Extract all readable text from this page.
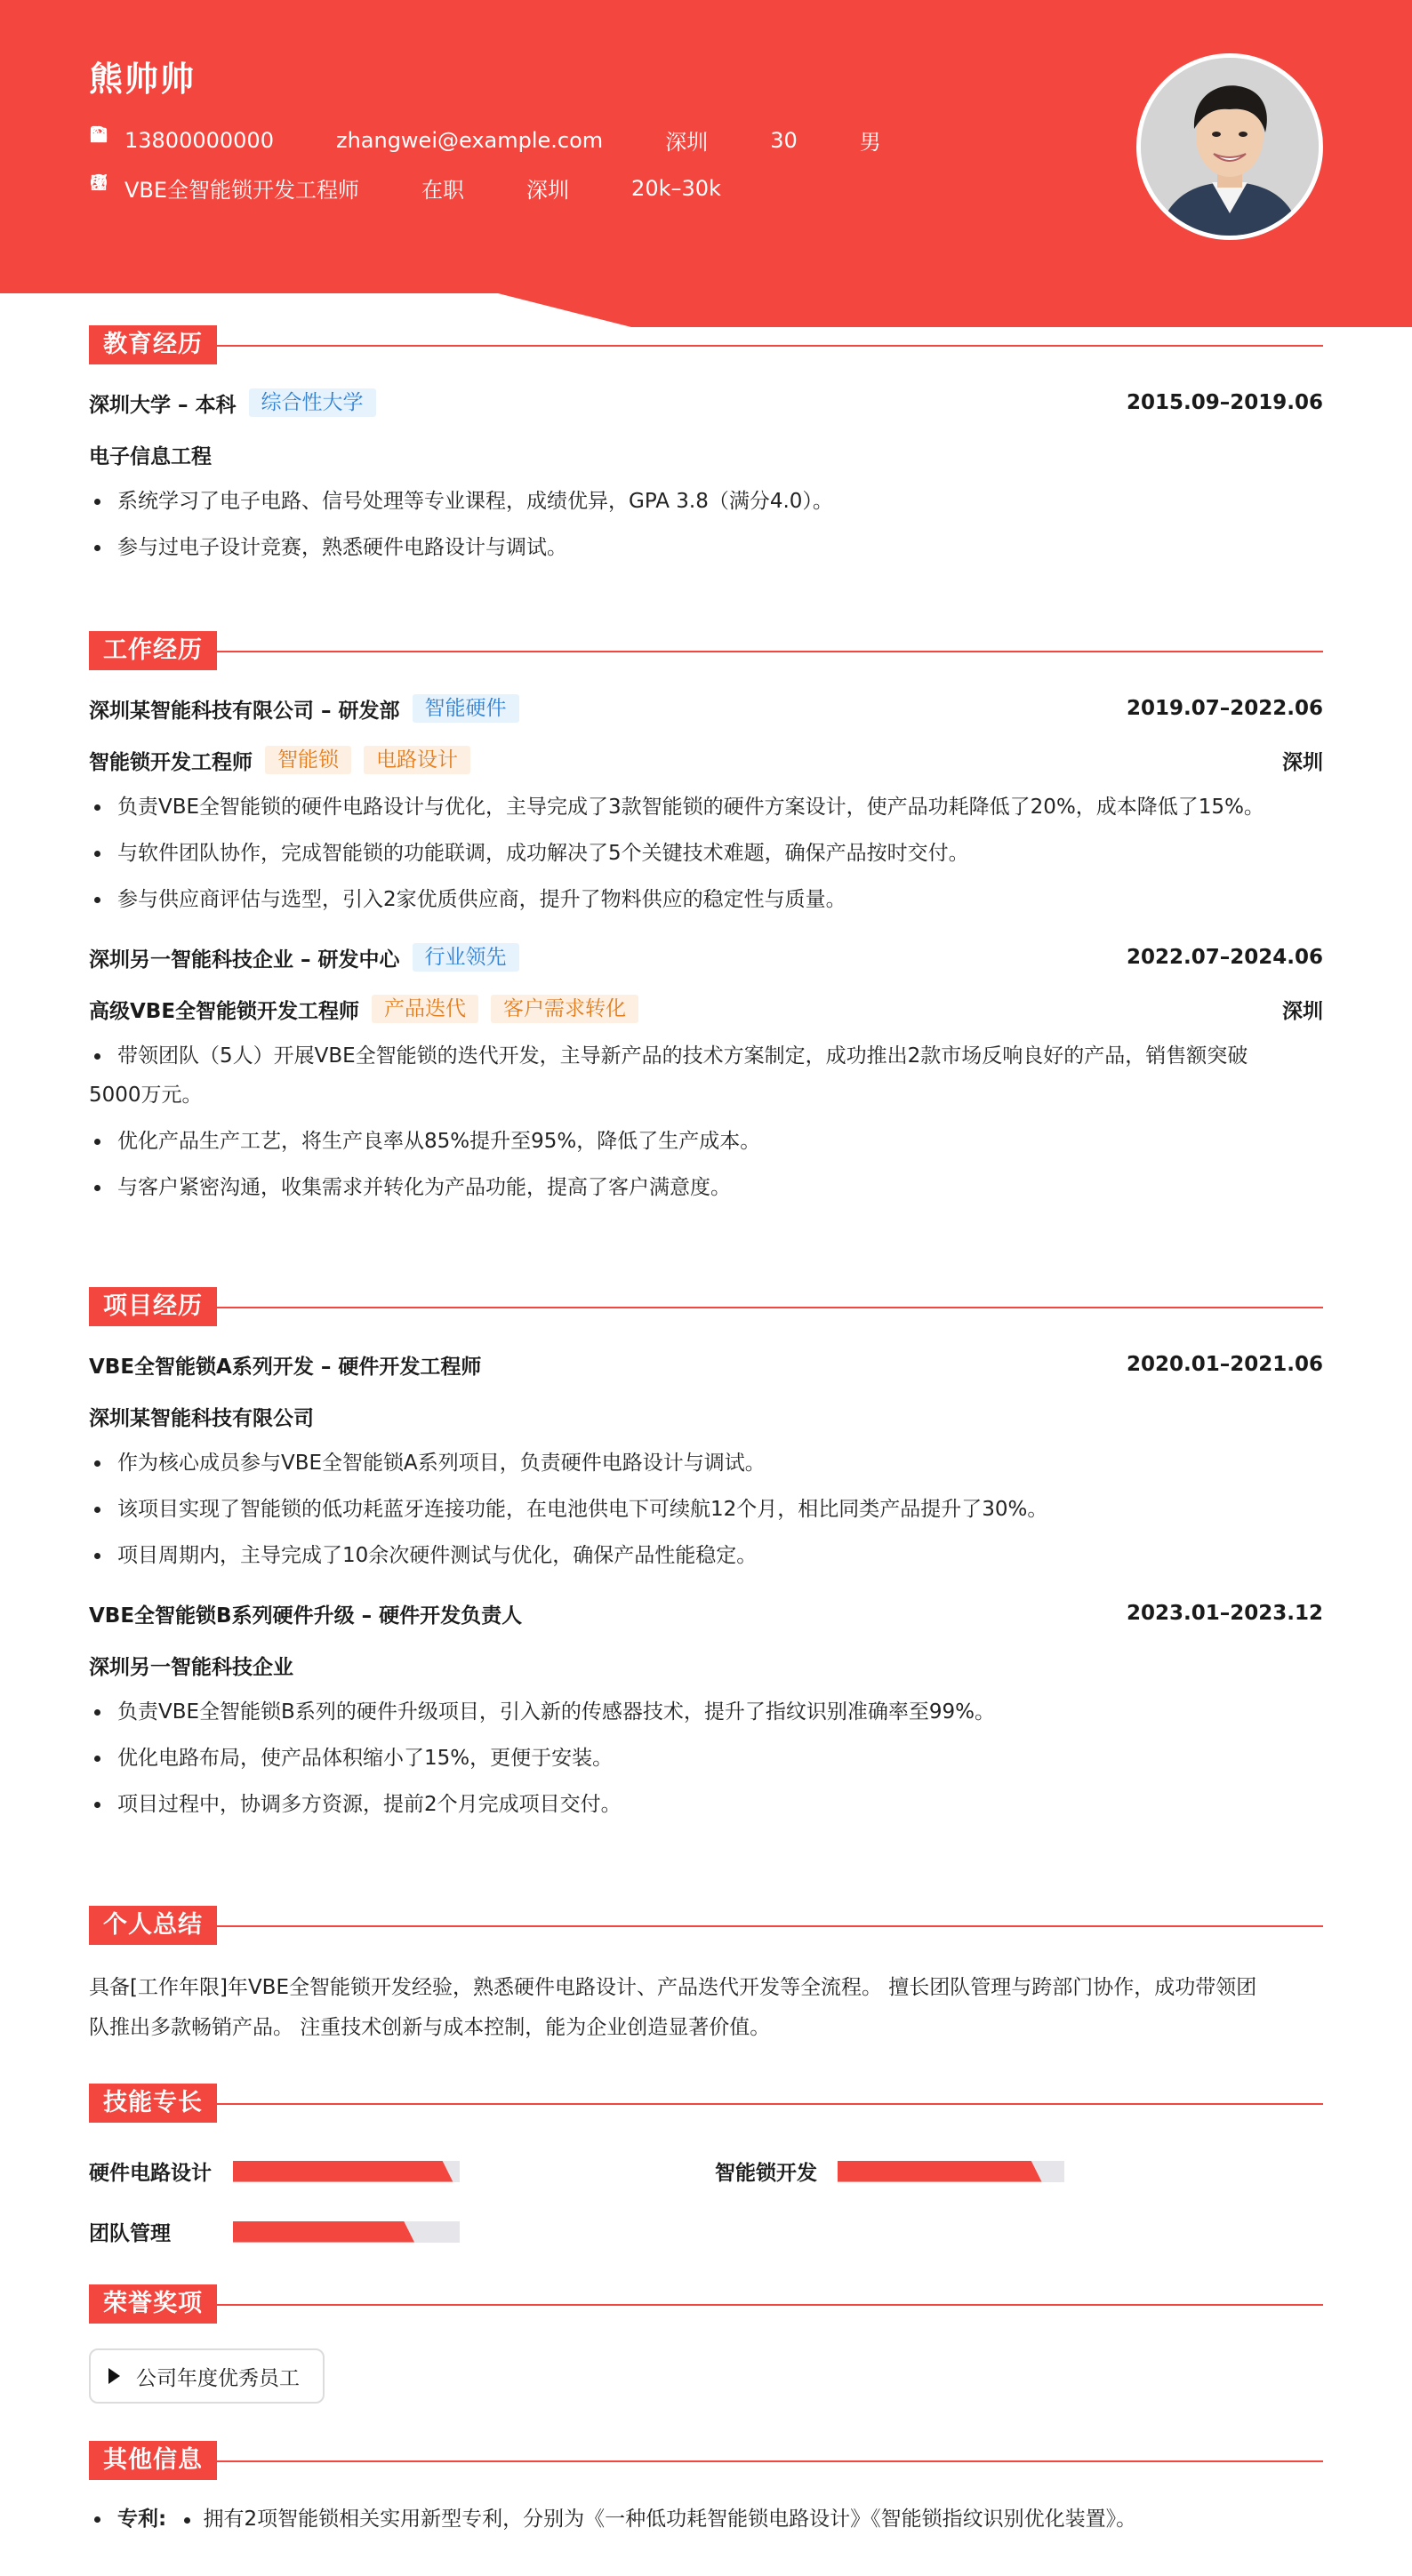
熊帅帅
13800000000	zhangwei@example.com	深圳	30	男
VBE全智能锁开发工程师	在职	深圳	20k–30k
教育经历
深圳大学 – 本科	综合性大学	2015.09–2019.06
电子信息工程
系统学习了电子电路、信号处理等专业课程，成绩优异，GPA 3.8（满分4.0）。
参与过电子设计竞赛，熟悉硬件电路设计与调试。
工作经历
深圳某智能科技有限公司 – 研发部	智能硬件	2019.07–2022.06
智能锁开发工程师	智能锁	电路设计	深圳
负责VBE全智能锁的硬件电路设计与优化，主导完成了3款智能锁的硬件方案设计，使产品功耗降低了20%，成本降低了15%。
与软件团队协作，完成智能锁的功能联调，成功解决了5个关键技术难题，确保产品按时交付。
参与供应商评估与选型，引入2家优质供应商，提升了物料供应的稳定性与质量。
深圳另一智能科技企业 – 研发中心	行业领先	2022.07–2024.06
高级VBE全智能锁开发工程师	产品迭代	客户需求转化	深圳
带领团队（5人）开展VBE全智能锁的迭代开发，主导新产品的技术方案制定，成功推出2款市场反响良好的产品，销售额突破
5000万元。
优化产品生产工艺，将生产良率从85%提升至95%，降低了生产成本。
与客户紧密沟通，收集需求并转化为产品功能，提高了客户满意度。
项目经历
VBE全智能锁A系列开发 – 硬件开发工程师	2020.01–2021.06
深圳某智能科技有限公司
作为核心成员参与VBE全智能锁A系列项目，负责硬件电路设计与调试。
该项目实现了智能锁的低功耗蓝牙连接功能，在电池供电下可续航12个月，相比同类产品提升了30%。
项目周期内，主导完成了10余次硬件测试与优化，确保产品性能稳定。
VBE全智能锁B系列硬件升级 – 硬件开发负责人	2023.01–2023.12
深圳另一智能科技企业
负责VBE全智能锁B系列的硬件升级项目，引入新的传感器技术，提升了指纹识别准确率至99%。
优化电路布局，使产品体积缩小了15%，更便于安装。
项目过程中，协调多方资源，提前2个月完成项目交付。
个人总结
具备[工作年限]年VBE全智能锁开发经验，熟悉硬件电路设计、产品迭代开发等全流程。 擅长团队管理与跨部门协作，成功带领团
队推出多款畅销产品。 注重技术创新与成本控制，能为企业创造显著价值。
技能专长
硬件电路设计	智能锁开发
团队管理
荣誉奖项
公司年度优秀员工
其他信息
专利: 拥有2项智能锁相关实用新型专利，分别为《一种低功耗智能锁电路设计》《智能锁指纹识别优化装置》。
